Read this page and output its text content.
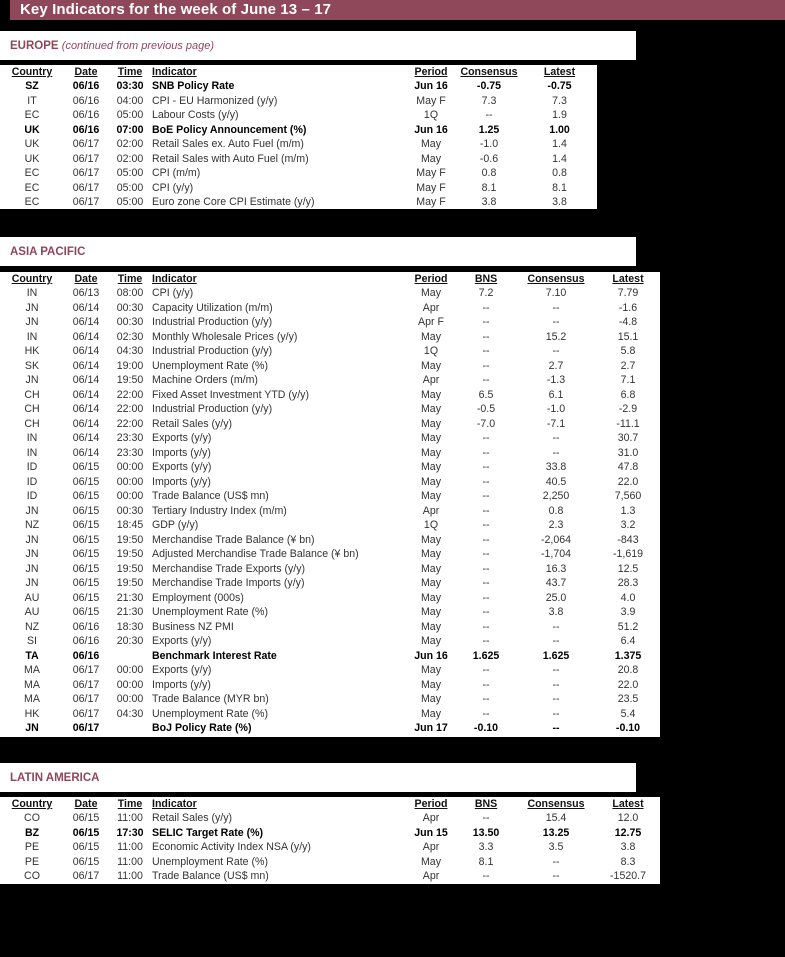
Key Indicators for the week of June 13 – 17
EUROPE (continued from previous page)
Country	Date	Time	Indicator	Period	Consensus	Latest
SZ	06/16	03:30	SNB Policy Rate	Jun 16	-0.75	-0.75
IT	06/16	04:00	CPI - EU Harmonized (y/y)	May F	7.3	7.3
EC	06/16	05:00	Labour Costs (y/y)	1Q	--	1.9
UK	06/16	07:00	BoE Policy Announcement (%)	Jun 16	1.25	1.00
UK	06/17	02:00	Retail Sales ex. Auto Fuel (m/m)	May	-1.0	1.4
UK	06/17	02:00	Retail Sales with Auto Fuel (m/m)	May	-0.6	1.4
EC	06/17	05:00	CPI (m/m)	May F	0.8	0.8
EC	06/17	05:00	CPI (y/y)	May F	8.1	8.1
EC	06/17	05:00	Euro zone Core CPI Estimate (y/y)	May F	3.8	3.8
ASIA PACIFIC
Country	Date	Time	Indicator	Period	BNS	Consensus	Latest
IN	06/13	08:00	CPI (y/y)	May	7.2	7.10	7.79
JN	06/14	00:30	Capacity Utilization (m/m)	Apr	--	--	-1.6
JN	06/14	00:30	Industrial Production (y/y)	Apr F	--	--	-4.8
IN	06/14	02:30	Monthly Wholesale Prices (y/y)	May	--	15.2	15.1
HK	06/14	04:30	Industrial Production (y/y)	1Q	--	--	5.8
SK	06/14	19:00	Unemployment Rate (%)	May	--	2.7	2.7
JN	06/14	19:50	Machine Orders (m/m)	Apr	--	-1.3	7.1
CH	06/14	22:00	Fixed Asset Investment YTD (y/y)	May	6.5	6.1	6.8
CH	06/14	22:00	Industrial Production (y/y)	May	-0.5	-1.0	-2.9
CH	06/14	22:00	Retail Sales (y/y)	May	-7.0	-7.1	-11.1
IN	06/14	23:30	Exports (y/y)	May	--	--	30.7
IN	06/14	23:30	Imports (y/y)	May	--	--	31.0
ID	06/15	00:00	Exports (y/y)	May	--	33.8	47.8
ID	06/15	00:00	Imports (y/y)	May	--	40.5	22.0
ID	06/15	00:00	Trade Balance (US$ mn)	May	--	2,250	7,560
JN	06/15	00:30	Tertiary Industry Index (m/m)	Apr	--	0.8	1.3
NZ	06/15	18:45	GDP (y/y)	1Q	--	2.3	3.2
JN	06/15	19:50	Merchandise Trade Balance (¥ bn)	May	--	-2,064	-843
JN	06/15	19:50	Adjusted Merchandise Trade Balance (¥ bn)	May	--	-1,704	-1,619
JN	06/15	19:50	Merchandise Trade Exports (y/y)	May	--	16.3	12.5
JN	06/15	19:50	Merchandise Trade Imports (y/y)	May	--	43.7	28.3
AU	06/15	21:30	Employment (000s)	May	--	25.0	4.0
AU	06/15	21:30	Unemployment Rate (%)	May	--	3.8	3.9
NZ	06/16	18:30	Business NZ PMI	May	--	--	51.2
SI	06/16	20:30	Exports (y/y)	May	--	--	6.4
TA	06/16		Benchmark Interest Rate	Jun 16	1.625	1.625	1.375
MA	06/17	00:00	Exports (y/y)	May	--	--	20.8
MA	06/17	00:00	Imports (y/y)	May	--	--	22.0
MA	06/17	00:00	Trade Balance (MYR bn)	May	--	--	23.5
HK	06/17	04:30	Unemployment Rate (%)	May	--	--	5.4
JN	06/17		BoJ Policy Rate (%)	Jun 17	-0.10	--	-0.10
LATIN AMERICA
Country	Date	Time	Indicator	Period	BNS	Consensus	Latest
CO	06/15	11:00	Retail Sales (y/y)	Apr	--	15.4	12.0
BZ	06/15	17:30	SELIC Target Rate (%)	Jun 15	13.50	13.25	12.75
PE	06/15	11:00	Economic Activity Index NSA (y/y)	Apr	3.3	3.5	3.8
PE	06/15	11:00	Unemployment Rate (%)	May	8.1	--	8.3
CO	06/17	11:00	Trade Balance (US$ mn)	Apr	--	--	-1520.7
